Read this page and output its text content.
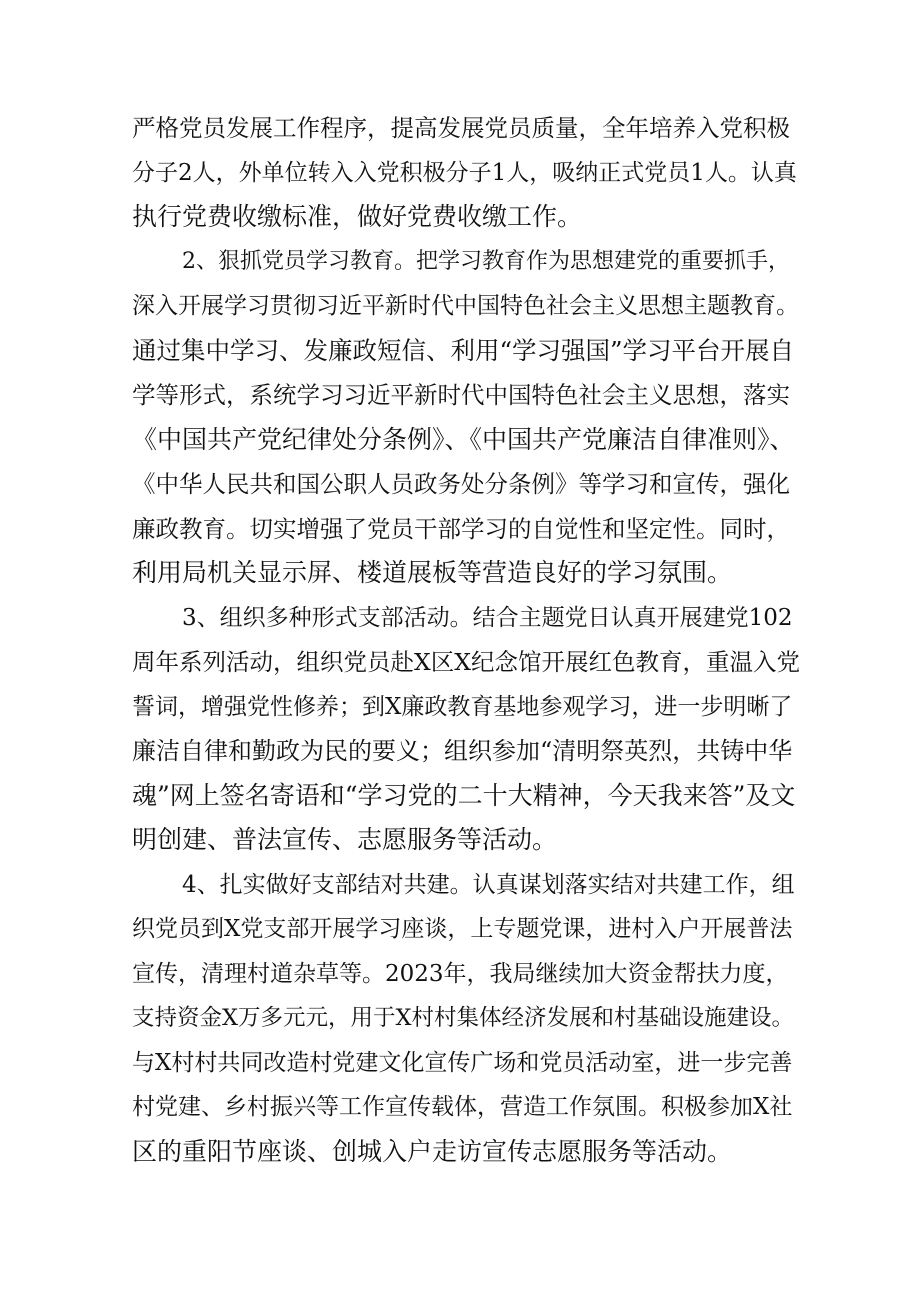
严格党员发展工作程序，提高发展党员质量，全年培养入党积极
分子2人，外单位转入入党积极分子1人，吸纳正式党员1人。认真
执行党费收缴标准，做好党费收缴工作。
2、狠抓党员学习教育。把学习教育作为思想建党的重要抓手，
深入开展学习贯彻习近平新时代中国特色社会主义思想主题教育。
通过集中学习、发廉政短信、利用“学习强国”学习平台开展自
学等形式，系统学习习近平新时代中国特色社会主义思想，落实
《中国共产党纪律处分条例》、《中国共产党廉洁自律准则》、
《中华人民共和国公职人员政务处分条例》等学习和宣传，强化
廉政教育。切实增强了党员干部学习的自觉性和坚定性。同时，
利用局机关显示屏、楼道展板等营造良好的学习氛围。
3、组织多种形式支部活动。结合主题党日认真开展建党102
周年系列活动，组织党员赴X区X纪念馆开展红色教育，重温入党
誓词，增强党性修养；到X廉政教育基地参观学习，进一步明晰了
廉洁自律和勤政为民的要义；组织参加“清明祭英烈，共铸中华
魂”网上签名寄语和“学习党的二十大精神，今天我来答”及文
明创建、普法宣传、志愿服务等活动。
4、扎实做好支部结对共建。认真谋划落实结对共建工作，组
织党员到X党支部开展学习座谈，上专题党课，进村入户开展普法
宣传，清理村道杂草等。2023年，我局继续加大资金帮扶力度，
支持资金X万多元元，用于X村村集体经济发展和村基础设施建设。
与X村村共同改造村党建文化宣传广场和党员活动室，进一步完善
村党建、乡村振兴等工作宣传载体，营造工作氛围。积极参加X社
区的重阳节座谈、创城入户走访宣传志愿服务等活动。
